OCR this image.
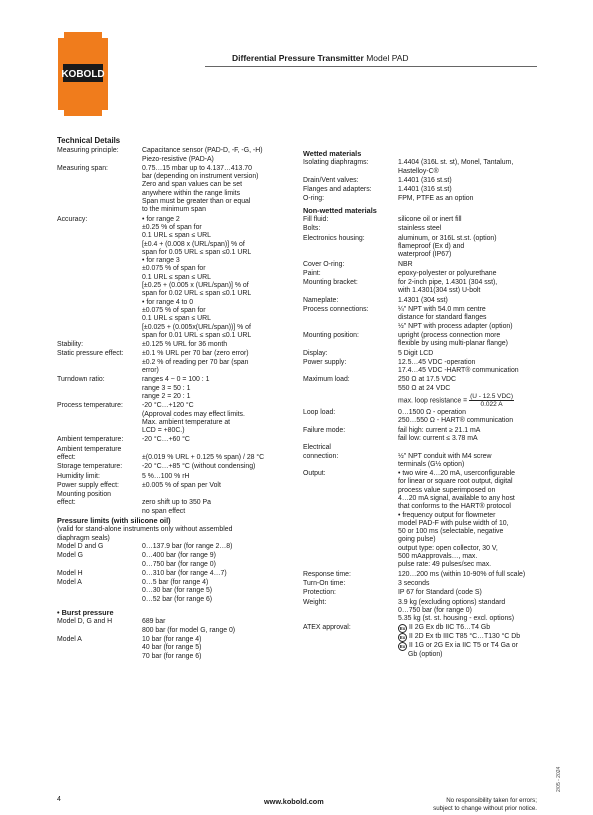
KOBOLD
Differential Pressure Transmitter Model PAD
Technical Details
Measuring principle:	Capacitance sensor (PAD-D, -F, -G, -H)
Piezo-resistive (PAD-A)
Measuring span:	0.75…15 mbar up to 4.137…413.70
bar (depending on instrument version)
Zero and span values can be set
anywhere within the range limits
Span must be greater than or equal
to the minimum span
Accuracy:	• for range 2
±0.25 % of span for
0.1 URL ≤ span ≤ URL
[±0.4 + (0.008 x (URL/span)] % of
span for 0.05 URL ≤ span ≤0.1 URL
• for range 3
±0.075 % of span for
0.1 URL ≤ span ≤ URL
[±0.25 + (0.005 x (URL/span)] % of
span for 0.02 URL ≤ span ≤0.1 URL
• for range 4 to 0
±0.075 % of span for
0.1 URL ≤ span ≤ URL
[±0.025 + (0.005x(URL/span))] % of
span for 0.01 URL ≤ span ≤0.1 URL
Stability:	±0.125 % URL for 36 month
Static pressure effect:	±0.1 % URL per 70 bar (zero error)
±0.2 % of reading per 70 bar (span
error)
Turndown ratio:	ranges 4 ~ 0 = 100 : 1
range 3 = 50 : 1
range 2 = 20 : 1
Process temperature:	-20 °C…+120 °C
(Approval codes may effect limits.
Max. ambient temperature at
LCD = +80C.)
Ambient temperature:	-20 °C…+60 °C
Ambient temperature
effect:
	±(0.019 % URL + 0.125 % span) / 28 °C
Storage temperature:	-20 °C…+85 °C (without condensing)
Humidity limit:	5 %…100 % rH
Power supply effect:	±0.005 % of span per Volt
Mounting position
effect:
	zero shift up to 350 Pa
no span effect
Pressure limits (with silicone oil)
(valid for stand-alone instruments only without assembled
diaphragm seals)
Model D and G	0…137.9 bar (for range 2…8)
Model G	0…400 bar (for range 9)
0…750 bar (for range 0)
Model H	0…310 bar (for range 4…7)
Model A	0…5 bar (for range 4)
0…30 bar (for range 5)
0…52 bar (for range 6)
• Burst pressure
Model D, G and H	689 bar
800 bar (for model G, range 0)
Model A	10 bar (for range 4)
40 bar (for range 5)
70 bar (for range 6)
Wetted materials
Isolating diaphragms:	1.4404 (316L st. st), Monel, Tantalum,
Hastelloy-C®
Drain/Vent valves:	1.4401 (316 st.st)
Flanges and adapters:	1.4401 (316 st.st)
O-ring:	FPM, PTFE as an option
Non-wetted materials
Fill fluid:	silicone oil or inert fill
Bolts:	stainless steel
Electronics housing:	aluminum, or 316L st.st. (option)
flameproof (Ex d) and
waterproof (IP67)
Cover O-ring:	NBR
Paint:	epoxy-polyester or polyurethane
Mounting bracket:	for 2-inch pipe, 1.4301 (304 sst),
with 1.4301(304 sst) U-bolt
Nameplate:	1.4301 (304 sst)
Process connections:	¼" NPT with 54.0 mm centre
distance for standard flanges
½" NPT with process adapter (option)
Mounting position:	upright (process connection more
flexible by using multi-planar flange)
Display:	5 Digit LCD
Power supply:	12.5…45 VDC -operation
17.4…45 VDC -HART® communication
Maximum load:	250 Ω at 17.5 VDC
550 Ω at 24 VDC
max. loop resistance = $\frac{\text{(U - 12.5 VDC)}}{0.022 A}$
Loop load:	0…1500 Ω - operation
250…550 Ω - HART® communication
Failure mode:	fail high: current ≥ 21.1 mA
fail low: current ≤ 3.78 mA
Electrical
connection:
	½" NPT conduit with M4 screw
terminals (G½ option)
Output:	• two wire 4…20 mA, userconfigurable
for linear or square root output, digital
process value superimposed on
4…20 mA signal, available to any host
that conforms to the HART® protocol
• frequency output for flowmeter
model PAD-F with pulse width of 10,
50 or 100 ms (selectable, negative
going pulse)
output type: open collector, 30 V,
500 mAapprovals…, max.
pulse rate: 49 pulses/sec max.
Response time:	120…200 ms (within 10-90% of full scale)
Turn-On time:	3 seconds
Protection:	IP 67 for Standard (code S)
Weight:	3.9 kg (excluding options) standard
0…750 bar (for range 0)
5.35 kg (st. st. housing - excl. options)
ATEX approval:	Ex II 2G Ex db IIC T6…T4 Gb
Ex II 2D Ex tb IIIC T85 °C…T130 °C Db
Ex II 1G or 2G Ex ia IIC T5 or T4 Ga or
Gb (option)
4	www.kobold.com	No responsibility taken for errors;
subject to change without prior notice.
2/05 - 2024
